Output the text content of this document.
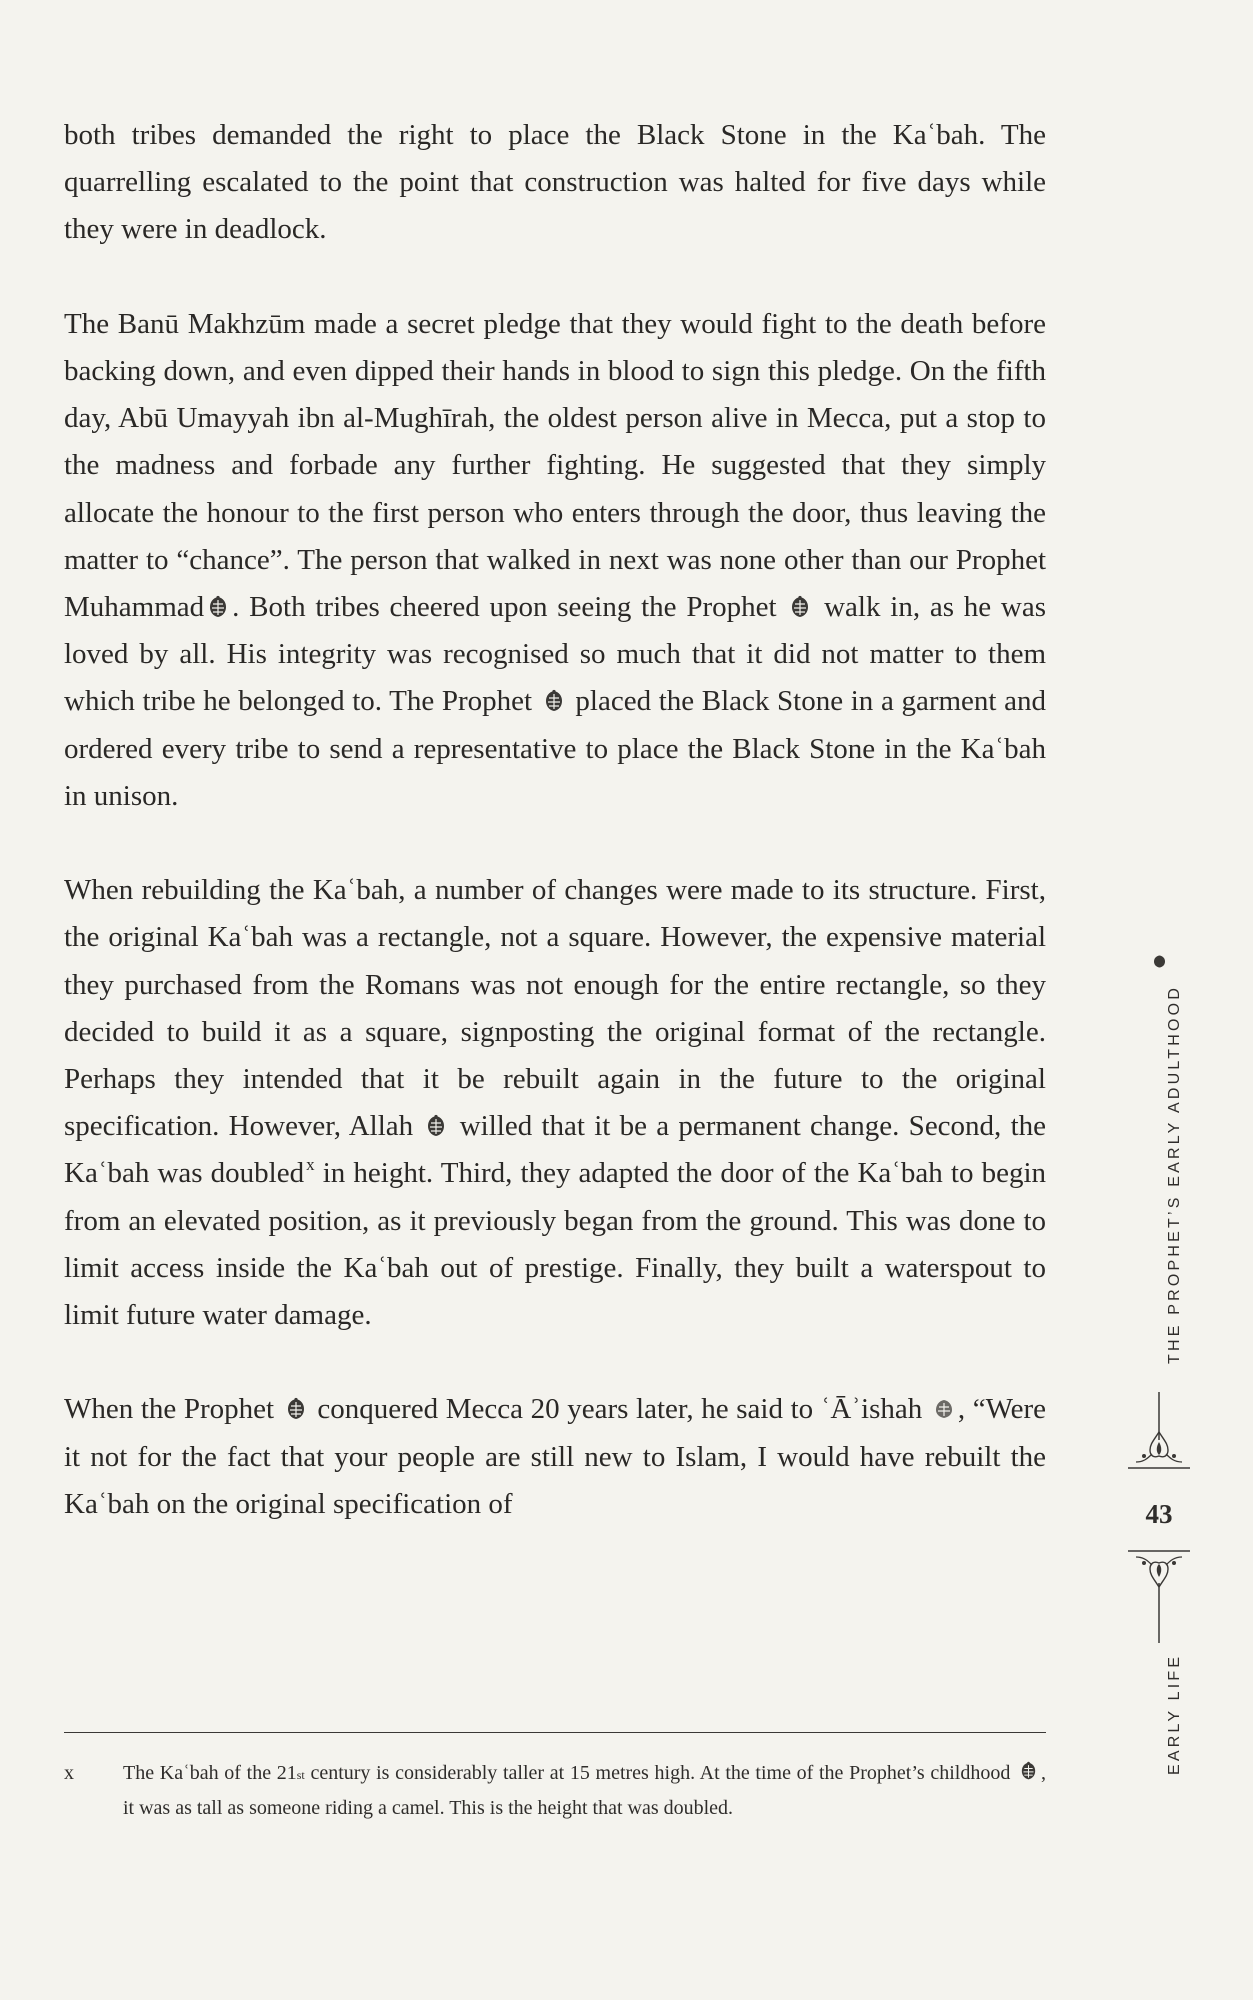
both tribes demanded the right to place the Black Stone in the Kaʿbah. The quarrelling escalated to the point that construction was halted for five days while they were in deadlock.

The Banū Makhzūm made a secret pledge that they would fight to the death before backing down, and even dipped their hands in blood to sign this pledge. On the fifth day, Abū Umayyah ibn al-Mughīrah, the oldest person alive in Mecca, put a stop to the madness and forbade any further fighting. He suggested that they simply allocate the honour to the first person who enters through the door, thus leaving the matter to “chance”. The person that walked in next was none other than our Prophet Muhammad . Both tribes cheered upon seeing the Prophet walk in, as he was loved by all. His integrity was recognised so much that it did not matter to them which tribe he belonged to. The Prophet placed the Black Stone in a garment and ordered every tribe to send a representative to place the Black Stone in the Kaʿbah in unison.

When rebuilding the Kaʿbah, a number of changes were made to its structure. First, the original Kaʿbah was a rectangle, not a square. However, the expensive material they purchased from the Romans was not enough for the entire rectangle, so they decided to build it as a square, signposting the original format of the rectangle. Perhaps they intended that it be rebuilt again in the future to the original specification. However, Allah willed that it be a permanent change. Second, the Kaʿbah was doubled $^x$ in height. Third, they adapted the door of the Kaʿbah to begin from an elevated position, as it previously began from the ground. This was done to limit access inside the Kaʿbah out of prestige. Finally, they built a waterspout to limit future water damage.

When the Prophet conquered Mecca 20 years later, he said to ʿĀʾishah , “Were it not for the fact that your people are still new to Islam, I would have rebuilt the Kaʿbah on the original specification of

x The Kaʿbah of the 21st century is considerably taller at 15 metres high. At the time of the Prophet’s childhood , it was as tall as someone riding a camel. This is the height that was doubled.
THE PROPHET’S EARLY ADULTHOOD
43
EARLY LIFE
